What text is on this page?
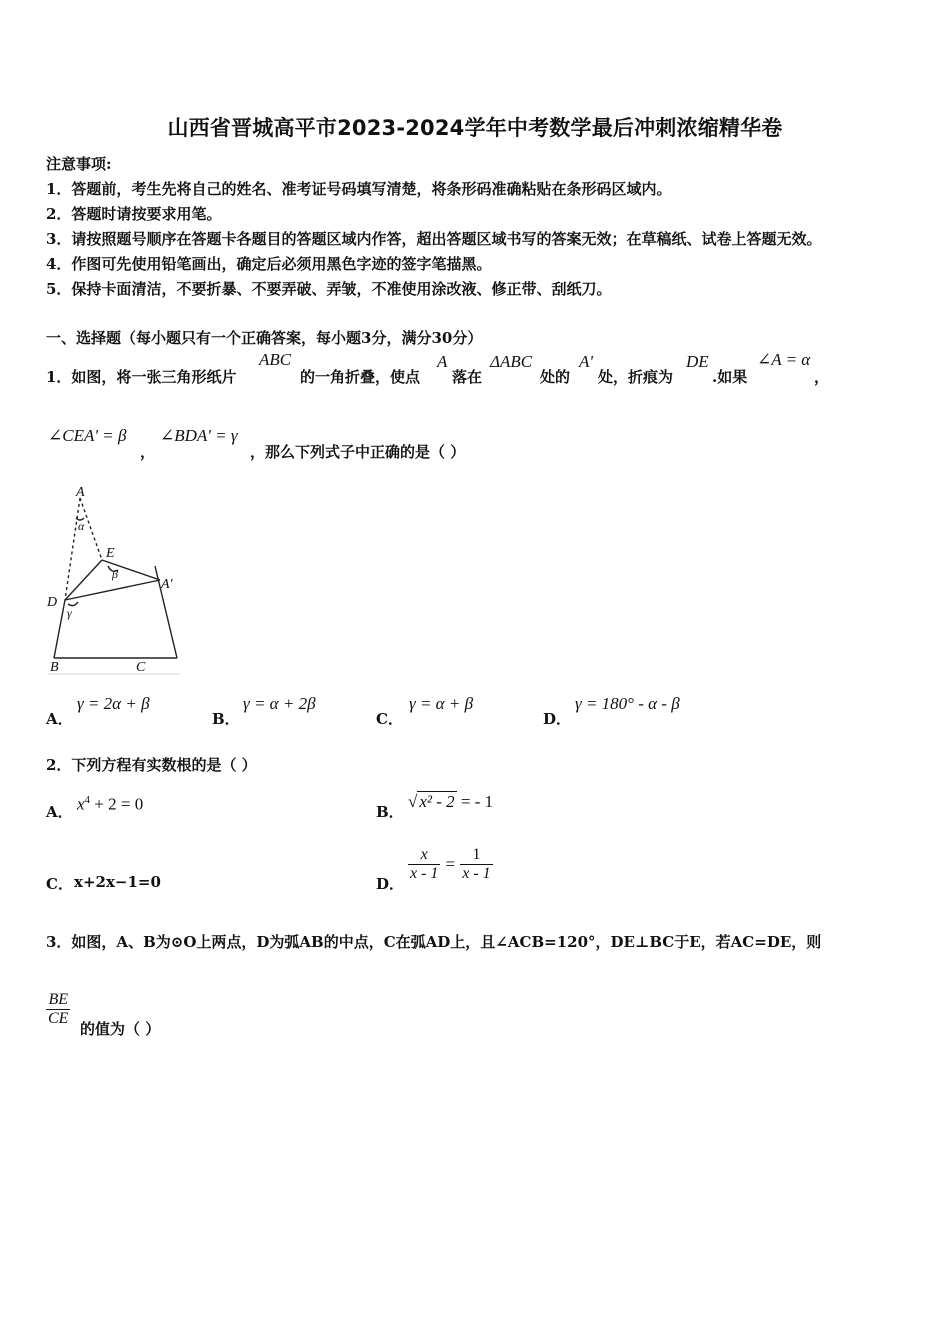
山西省晋城高平市2023-2024学年中考数学最后冲刺浓缩精华卷
注意事项:
1．答题前，考生先将自己的姓名、准考证号码填写清楚，将条形码准确粘贴在条形码区域内。
2．答题时请按要求用笔。
3．请按照题号顺序在答题卡各题目的答题区域内作答，超出答题区域书写的答案无效；在草稿纸、试卷上答题无效。
4．作图可先使用铅笔画出，确定后必须用黑色字迹的签字笔描黑。
5．保持卡面清洁，不要折暴、不要弄破、弄皱，不准使用涂改液、修正带、刮纸刀。
一、选择题（每小题只有一个正确答案，每小题3分，满分30分）
1．如图，将一张三角形纸片
ABC
的一角折叠，使点
A
落在
ΔABC
处的
A'
处，折痕为
DE
.如果
∠A = α
，
∠CEA' = β
，
∠BDA' = γ
，那么下列式子中正确的是（ ）
A
α
E
β
A'
D
γ
B	C
A．
γ = 2α + β
B．
γ = α + 2β
C．
γ = α + β
D．
γ = 180° - α - β
2．下列方程有实数根的是（ ）
A． $x^4 + 2 = 0$	B．
√ x² - 2 = - 1
C． x+2x−1=0	D．
$\frac{x}{x - 1} = \frac{1}{x - 1}$
3．如图，A、B为⊙O上两点，D为弧AB的中点，C在弧AD上，且∠ACB=120°，DE⊥BC于E，若AC=DE，则
$\frac{BE}{CE}$
的值为（ ）
